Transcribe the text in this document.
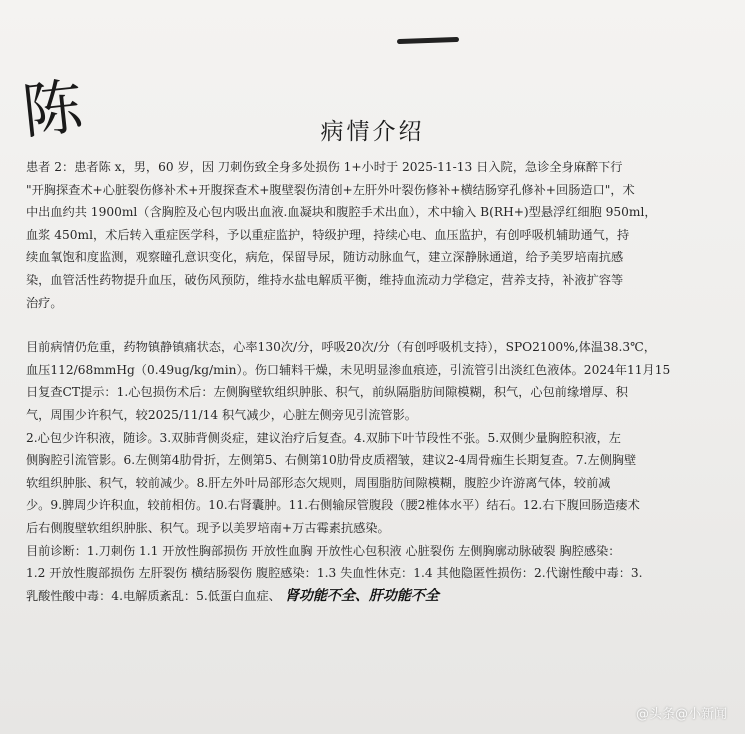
陈	病情介绍
患者 2：患者陈 x，男，60 岁，因 刀刺伤致全身多处损伤 1+小时于 2025-11-13 日入院，急诊全身麻醉下行
"开胸探查术+心脏裂伤修补术+开腹探查术+腹壁裂伤清创+左肝外叶裂伤修补+横结肠穿孔修补+回肠造口"，术
中出血约共 1900ml（含胸腔及心包内吸出血液.血凝块和腹腔手术出血），术中输入 B(RH+)型悬浮红细胞 950ml，
血浆 450ml，术后转入重症医学科，予以重症监护，特级护理，持续心电、血压监护，有创呼吸机辅助通气，持
续血氧饱和度监测，观察瞳孔意识变化，病危，保留导尿，随访动脉血气，建立深静脉通道，给予美罗培南抗感
染，血管活性药物提升血压，破伤风预防，维持水盐电解质平衡，维持血流动力学稳定，营养支持，补液扩容等
治疗。
目前病情仍危重，药物镇静镇痛状态，心率130次/分，呼吸20次/分（有创呼吸机支持），SPO2100%,体温38.3℃，
血压112/68mmHg（0.49ug/kg/min）。伤口辅料干燥，未见明显渗血痕迹，引流管引出淡红色液体。2024年11月15
日复查CT提示：1.心包损伤术后：左侧胸壁软组织肿胀、积气，前纵隔脂肪间隙模糊，积气，心包前缘增厚、积
气，周围少许积气，较2025/11/14 积气减少，心脏左侧旁见引流管影。
2.心包少许积液，随诊。3.双肺背侧炎症，建议治疗后复查。4.双肺下叶节段性不张。5.双侧少量胸腔积液，左
侧胸腔引流管影。6.左侧第4肋骨折，左侧第5、右侧第10肋骨皮质褶皱，建议2-4周骨痂生长期复查。7.左侧胸壁
软组织肿胀、积气，较前减少。8.肝左外叶局部形态欠规则，周围脂肪间隙模糊，腹腔少许游离气体，较前减
少。9.脾周少许积血，较前相仿。10.右肾囊肿。11.右侧输尿管腹段（腰2椎体水平）结石。12.右下腹回肠造瘘术
后右侧腹壁软组织肿胀、积气。现予以美罗培南+万古霉素抗感染。
目前诊断：1.刀刺伤 1.1 开放性胸部损伤 开放性血胸 开放性心包积液 心脏裂伤 左侧胸廓动脉破裂 胸腔感染：
1.2 开放性腹部损伤 左肝裂伤 横结肠裂伤 腹腔感染：1.3 失血性休克：1.4 其他隐匿性损伤：2.代谢性酸中毒：3.
乳酸性酸中毒：4.电解质紊乱：5.低蛋白血症、 肾功能不全、肝功能不全
@头条@小新闻
